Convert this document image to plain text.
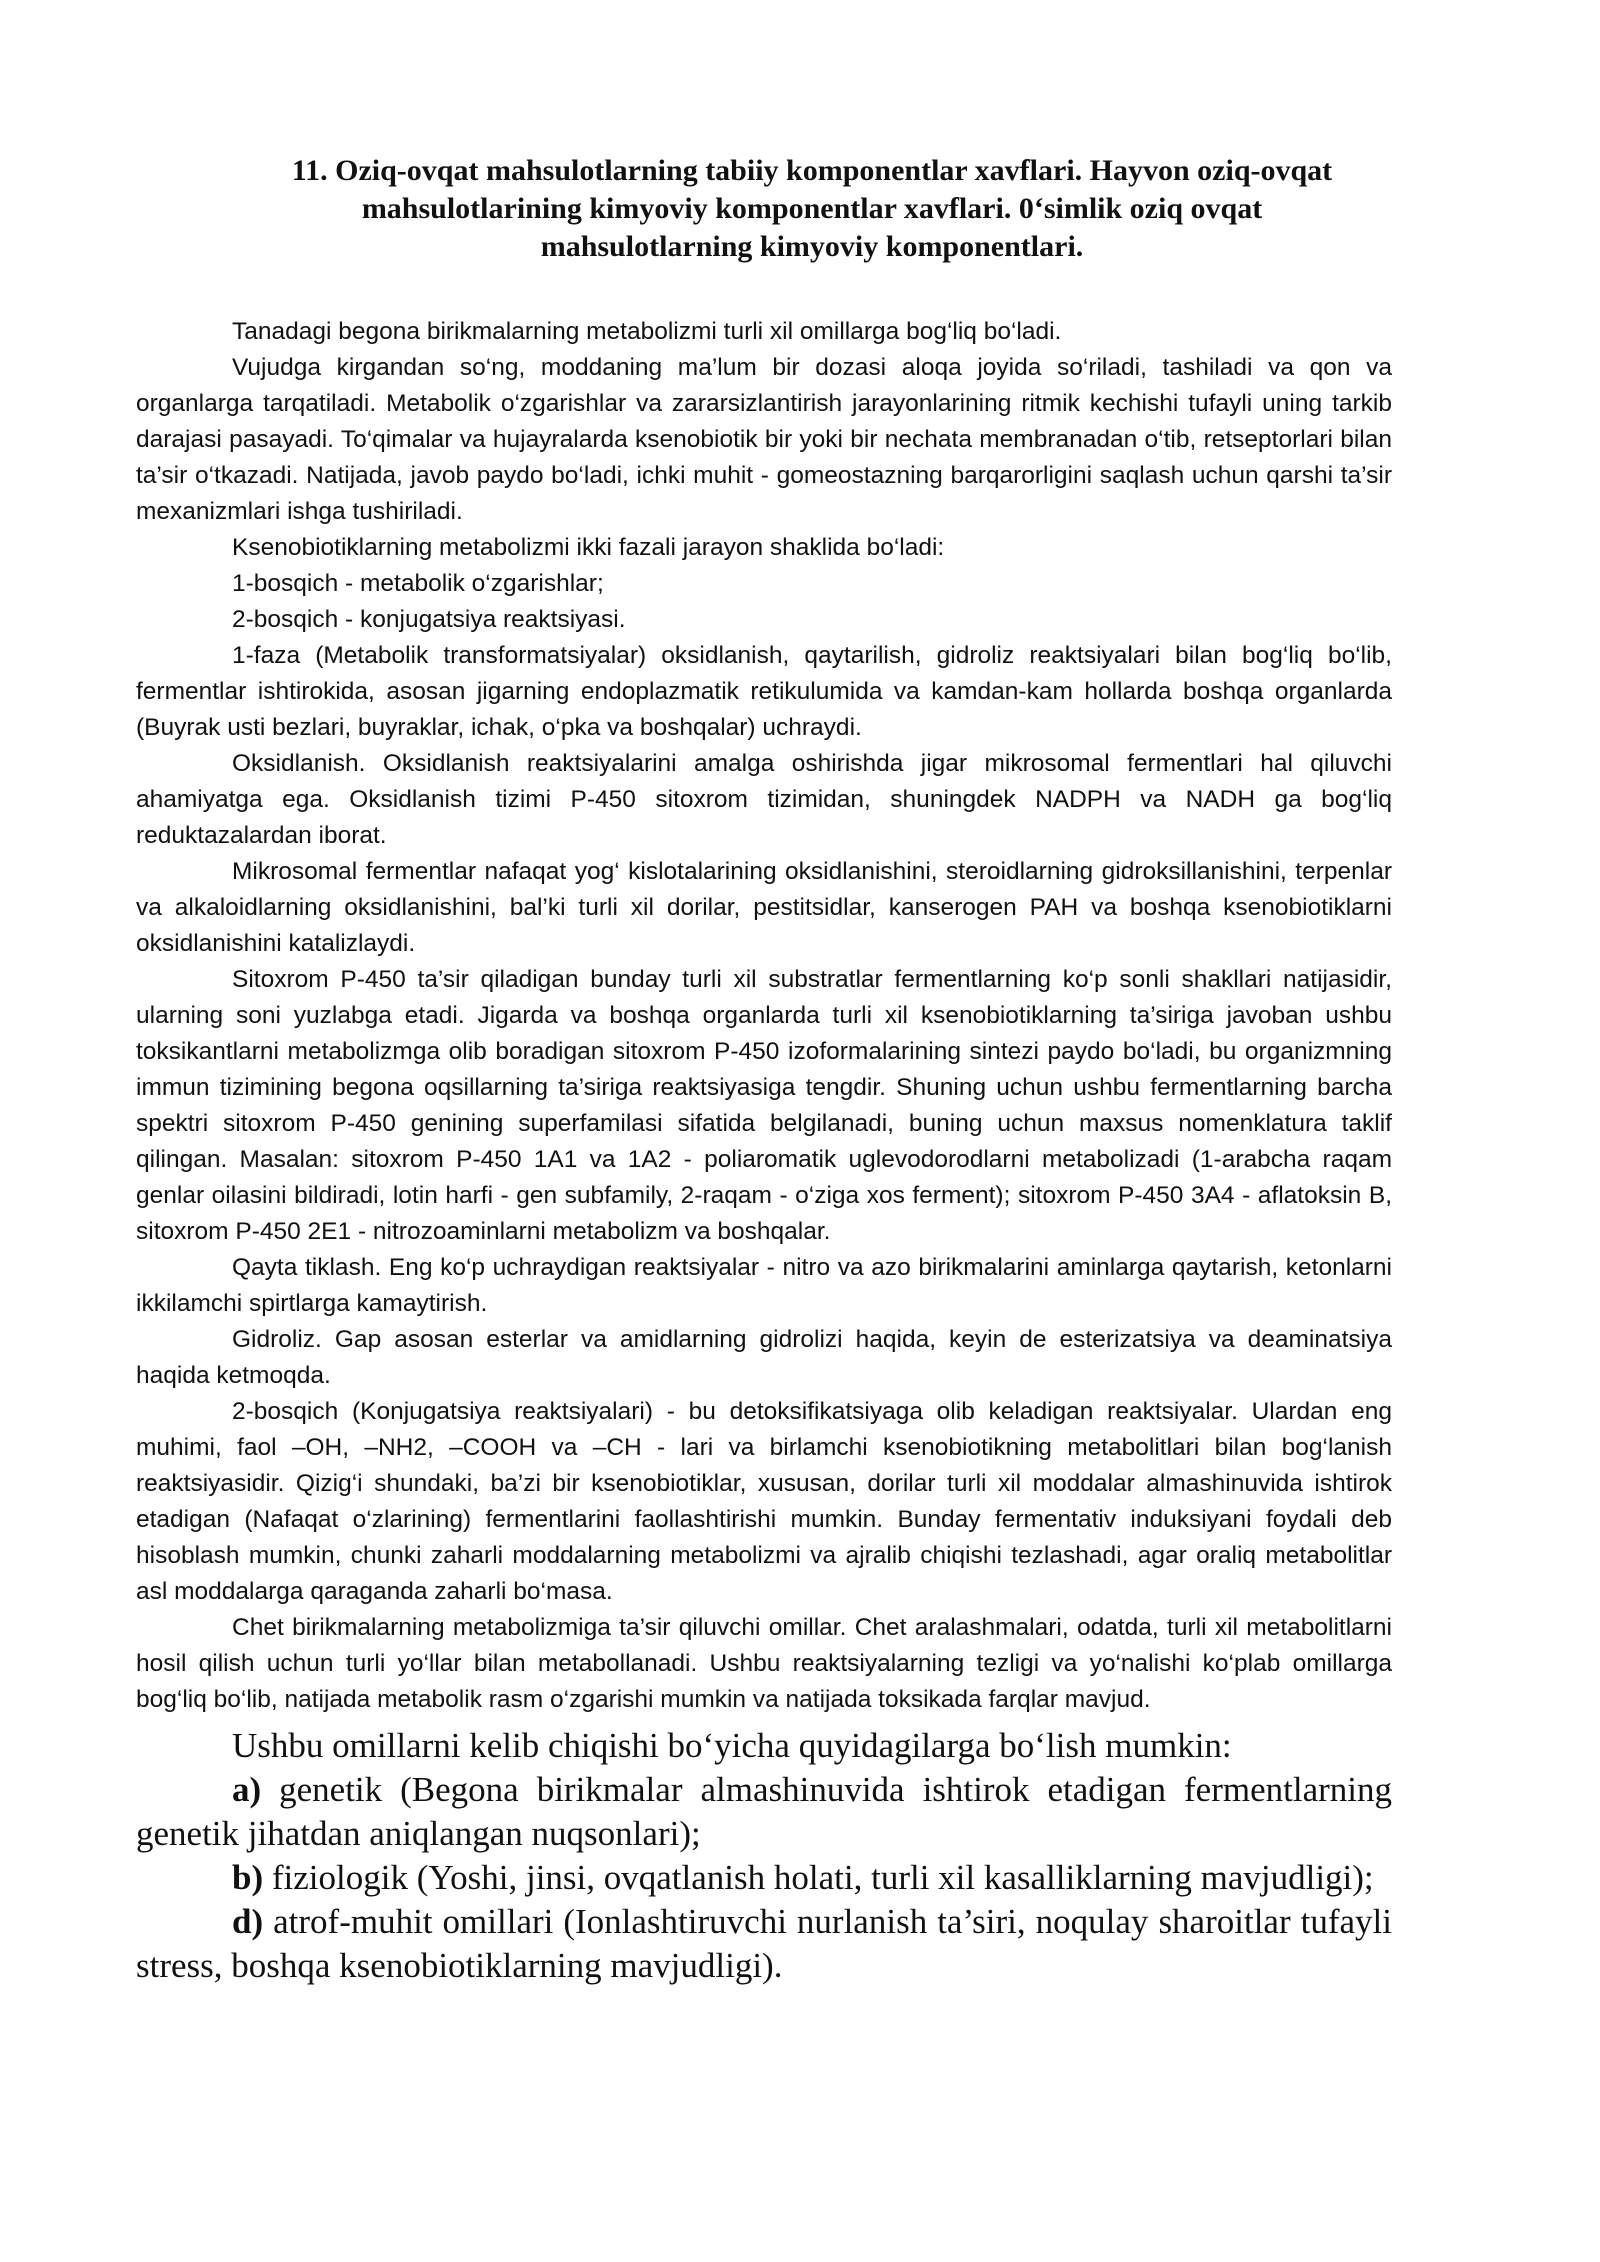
11. Oziq-ovqat mahsulotlarning tabiiy komponentlar xavflari. Hayvon oziq-ovqat mahsulotlarining kimyoviy komponentlar xavflari. 0‘simlik oziq ovqat mahsulotlarning kimyoviy komponentlari.

Tanadagi begona birikmalarning metabolizmi turli xil omillarga bog‘liq bo‘ladi.

Vujudga kirgandan so‘ng, moddaning ma’lum bir dozasi aloqa joyida so‘riladi, tashiladi va qon va organlarga tarqatiladi. Metabolik o‘zgarishlar va zararsizlantirish jarayonlarining ritmik kechishi tufayli uning tarkib darajasi pasayadi. To‘qimalar va hujayralarda ksenobiotik bir yoki bir nechata membranadan o‘tib, retseptorlari bilan ta’sir o‘tkazadi. Natijada, javob paydo bo‘ladi, ichki muhit - gomeostazning barqarorligini saqlash uchun qarshi ta’sir mexanizmlari ishga tushiriladi.

Ksenobiotiklarning metabolizmi ikki fazali jarayon shaklida bo‘ladi:

1-bosqich - metabolik o‘zgarishlar;

2-bosqich - konjugatsiya reaktsiyasi.

1-faza (Metabolik transformatsiyalar) oksidlanish, qaytarilish, gidroliz reaktsiyalari bilan bog‘liq bo‘lib, fermentlar ishtirokida, asosan jigarning endoplazmatik retikulumida va kamdan-kam hollarda boshqa organlarda (Buyrak usti bezlari, buyraklar, ichak, o‘pka va boshqalar) uchraydi.

Oksidlanish. Oksidlanish reaktsiyalarini amalga oshirishda jigar mikrosomal fermentlari hal qiluvchi ahamiyatga ega. Oksidlanish tizimi P-450 sitoxrom tizimidan, shuningdek NADPH va NADH ga bog‘liq reduktazalardan iborat.

Mikrosomal fermentlar nafaqat yog‘ kislotalarining oksidlanishini, steroidlarning gidroksillanishini, terpenlar va alkaloidlarning oksidlanishini, bal’ki turli xil dorilar, pestitsidlar, kanserogen PAH va boshqa ksenobiotiklarni oksidlanishini katalizlaydi.

Sitoxrom P-450 ta’sir qiladigan bunday turli xil substratlar fermentlarning ko‘p sonli shakllari natijasidir, ularning soni yuzlabga etadi. Jigarda va boshqa organlarda turli xil ksenobiotiklarning ta’siriga javoban ushbu toksikantlarni metabolizmga olib boradigan sitoxrom P-450 izoformalarining sintezi paydo bo‘ladi, bu organizmning immun tizimining begona oqsillarning ta’siriga reaktsiyasiga tengdir. Shuning uchun ushbu fermentlarning barcha spektri sitoxrom P-450 genining superfamilasi sifatida belgilanadi, buning uchun maxsus nomenklatura taklif qilingan. Masalan: sitoxrom P-450 1A1 va 1A2 - poliaromatik uglevodorodlarni metabolizadi (1-arabcha raqam genlar oilasini bildiradi, lotin harfi - gen subfamily, 2-raqam - o‘ziga xos ferment); sitoxrom P-450 3A4 - aflatoksin B, sitoxrom P-450 2E1 - nitrozoaminlarni metabolizm va boshqalar.

Qayta tiklash. Eng ko‘p uchraydigan reaktsiyalar - nitro va azo birikmalarini aminlarga qaytarish, ketonlarni ikkilamchi spirtlarga kamaytirish.

Gidroliz. Gap asosan esterlar va amidlarning gidrolizi haqida, keyin de esterizatsiya va deaminatsiya haqida ketmoqda.

2-bosqich (Konjugatsiya reaktsiyalari) - bu detoksifikatsiyaga olib keladigan reaktsiyalar. Ulardan eng muhimi, faol –OH, –NH2, –COOH va –CH - lari va birlamchi ksenobiotikning metabolitlari bilan bog‘lanish reaktsiyasidir. Qizig‘i shundaki, ba’zi bir ksenobiotiklar, xususan, dorilar turli xil moddalar almashinuvida ishtirok etadigan (Nafaqat o‘zlarining) fermentlarini faollashtirishi mumkin. Bunday fermentativ induksiyani foydali deb hisoblash mumkin, chunki zaharli moddalarning metabolizmi va ajralib chiqishi tezlashadi, agar oraliq metabolitlar asl moddalarga qaraganda zaharli bo‘masa.

Chet birikmalarning metabolizmiga ta’sir qiluvchi omillar. Chet aralashmalari, odatda, turli xil metabolitlarni hosil qilish uchun turli yo‘llar bilan metabollanadi. Ushbu reaktsiyalarning tezligi va yo‘nalishi ko‘plab omillarga bog‘liq bo‘lib, natijada metabolik rasm o‘zgarishi mumkin va natijada toksikada farqlar mavjud.

Ushbu omillarni kelib chiqishi bo‘yicha quyidagilarga bo‘lish mumkin:

a) genetik (Begona birikmalar almashinuvida ishtirok etadigan fermentlarning genetik jihatdan aniqlangan nuqsonlari);

b) fiziologik (Yoshi, jinsi, ovqatlanish holati, turli xil kasalliklarning mavjudligi);

d) atrof-muhit omillari (Ionlashtiruvchi nurlanish ta’siri, noqulay sharoitlar tufayli stress, boshqa ksenobiotiklarning mavjudligi).
